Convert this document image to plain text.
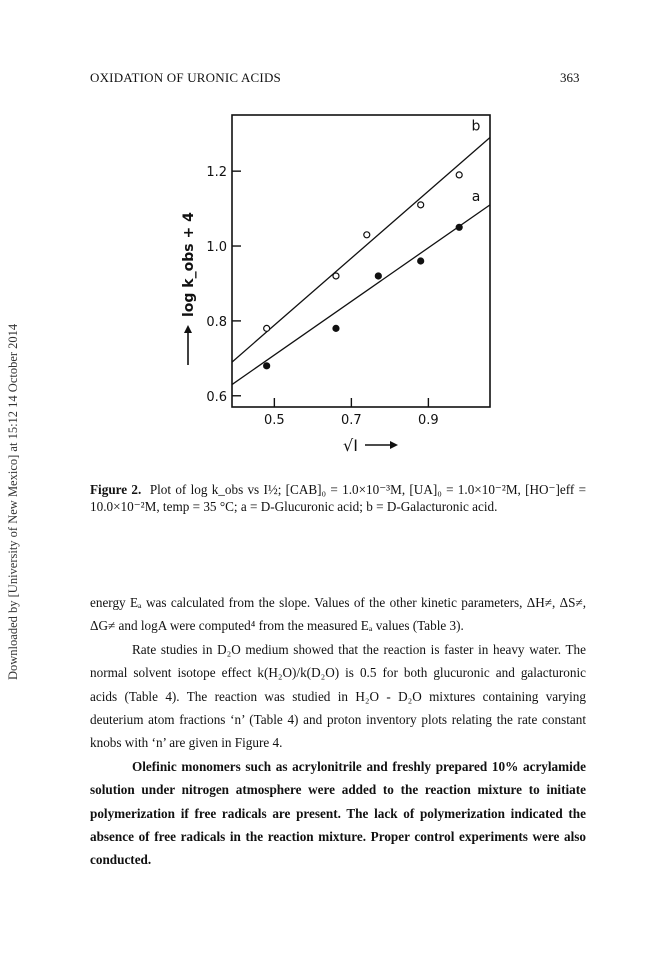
OXIDATION OF URONIC ACIDS	363
Downloaded by [University of New Mexico] at 15:12 14 October 2014	0.5	0.7	0.9
0.6
0.8
1.0
1.2
a
b
log k_obs + 4
√I
Figure 2. Plot of log k_obs vs I½; [CAB]₀ = 1.0×10⁻³M, [UA]₀ = 1.0×10⁻²M, [HO⁻]eff = 10.0×10⁻²M, temp = 35 °C; a = D-Glucuronic acid; b = D-Galacturonic acid.

energy Eₐ was calculated from the slope. Values of the other kinetic parameters, ΔH≠, ΔS≠, ΔG≠ and logA were computed⁴ from the measured Eₐ values (Table 3).

Rate studies in D₂O medium showed that the reaction is faster in heavy water. The normal solvent isotope effect k(H₂O)/k(D₂O) is 0.5 for both glucuronic and galacturonic acids (Table 4). The reaction was studied in H₂O - D₂O mixtures containing varying deuterium atom fractions ‘n’ (Table 4) and proton inventory plots relating the rate constant knobs with ‘n’ are given in Figure 4.

Olefinic monomers such as acrylonitrile and freshly prepared 10% acrylamide solution under nitrogen atmosphere were added to the reaction mixture to initiate polymerization if free radicals are present. The lack of polymerization indicated the absence of free radicals in the reaction mixture. Proper control experiments were also conducted.
